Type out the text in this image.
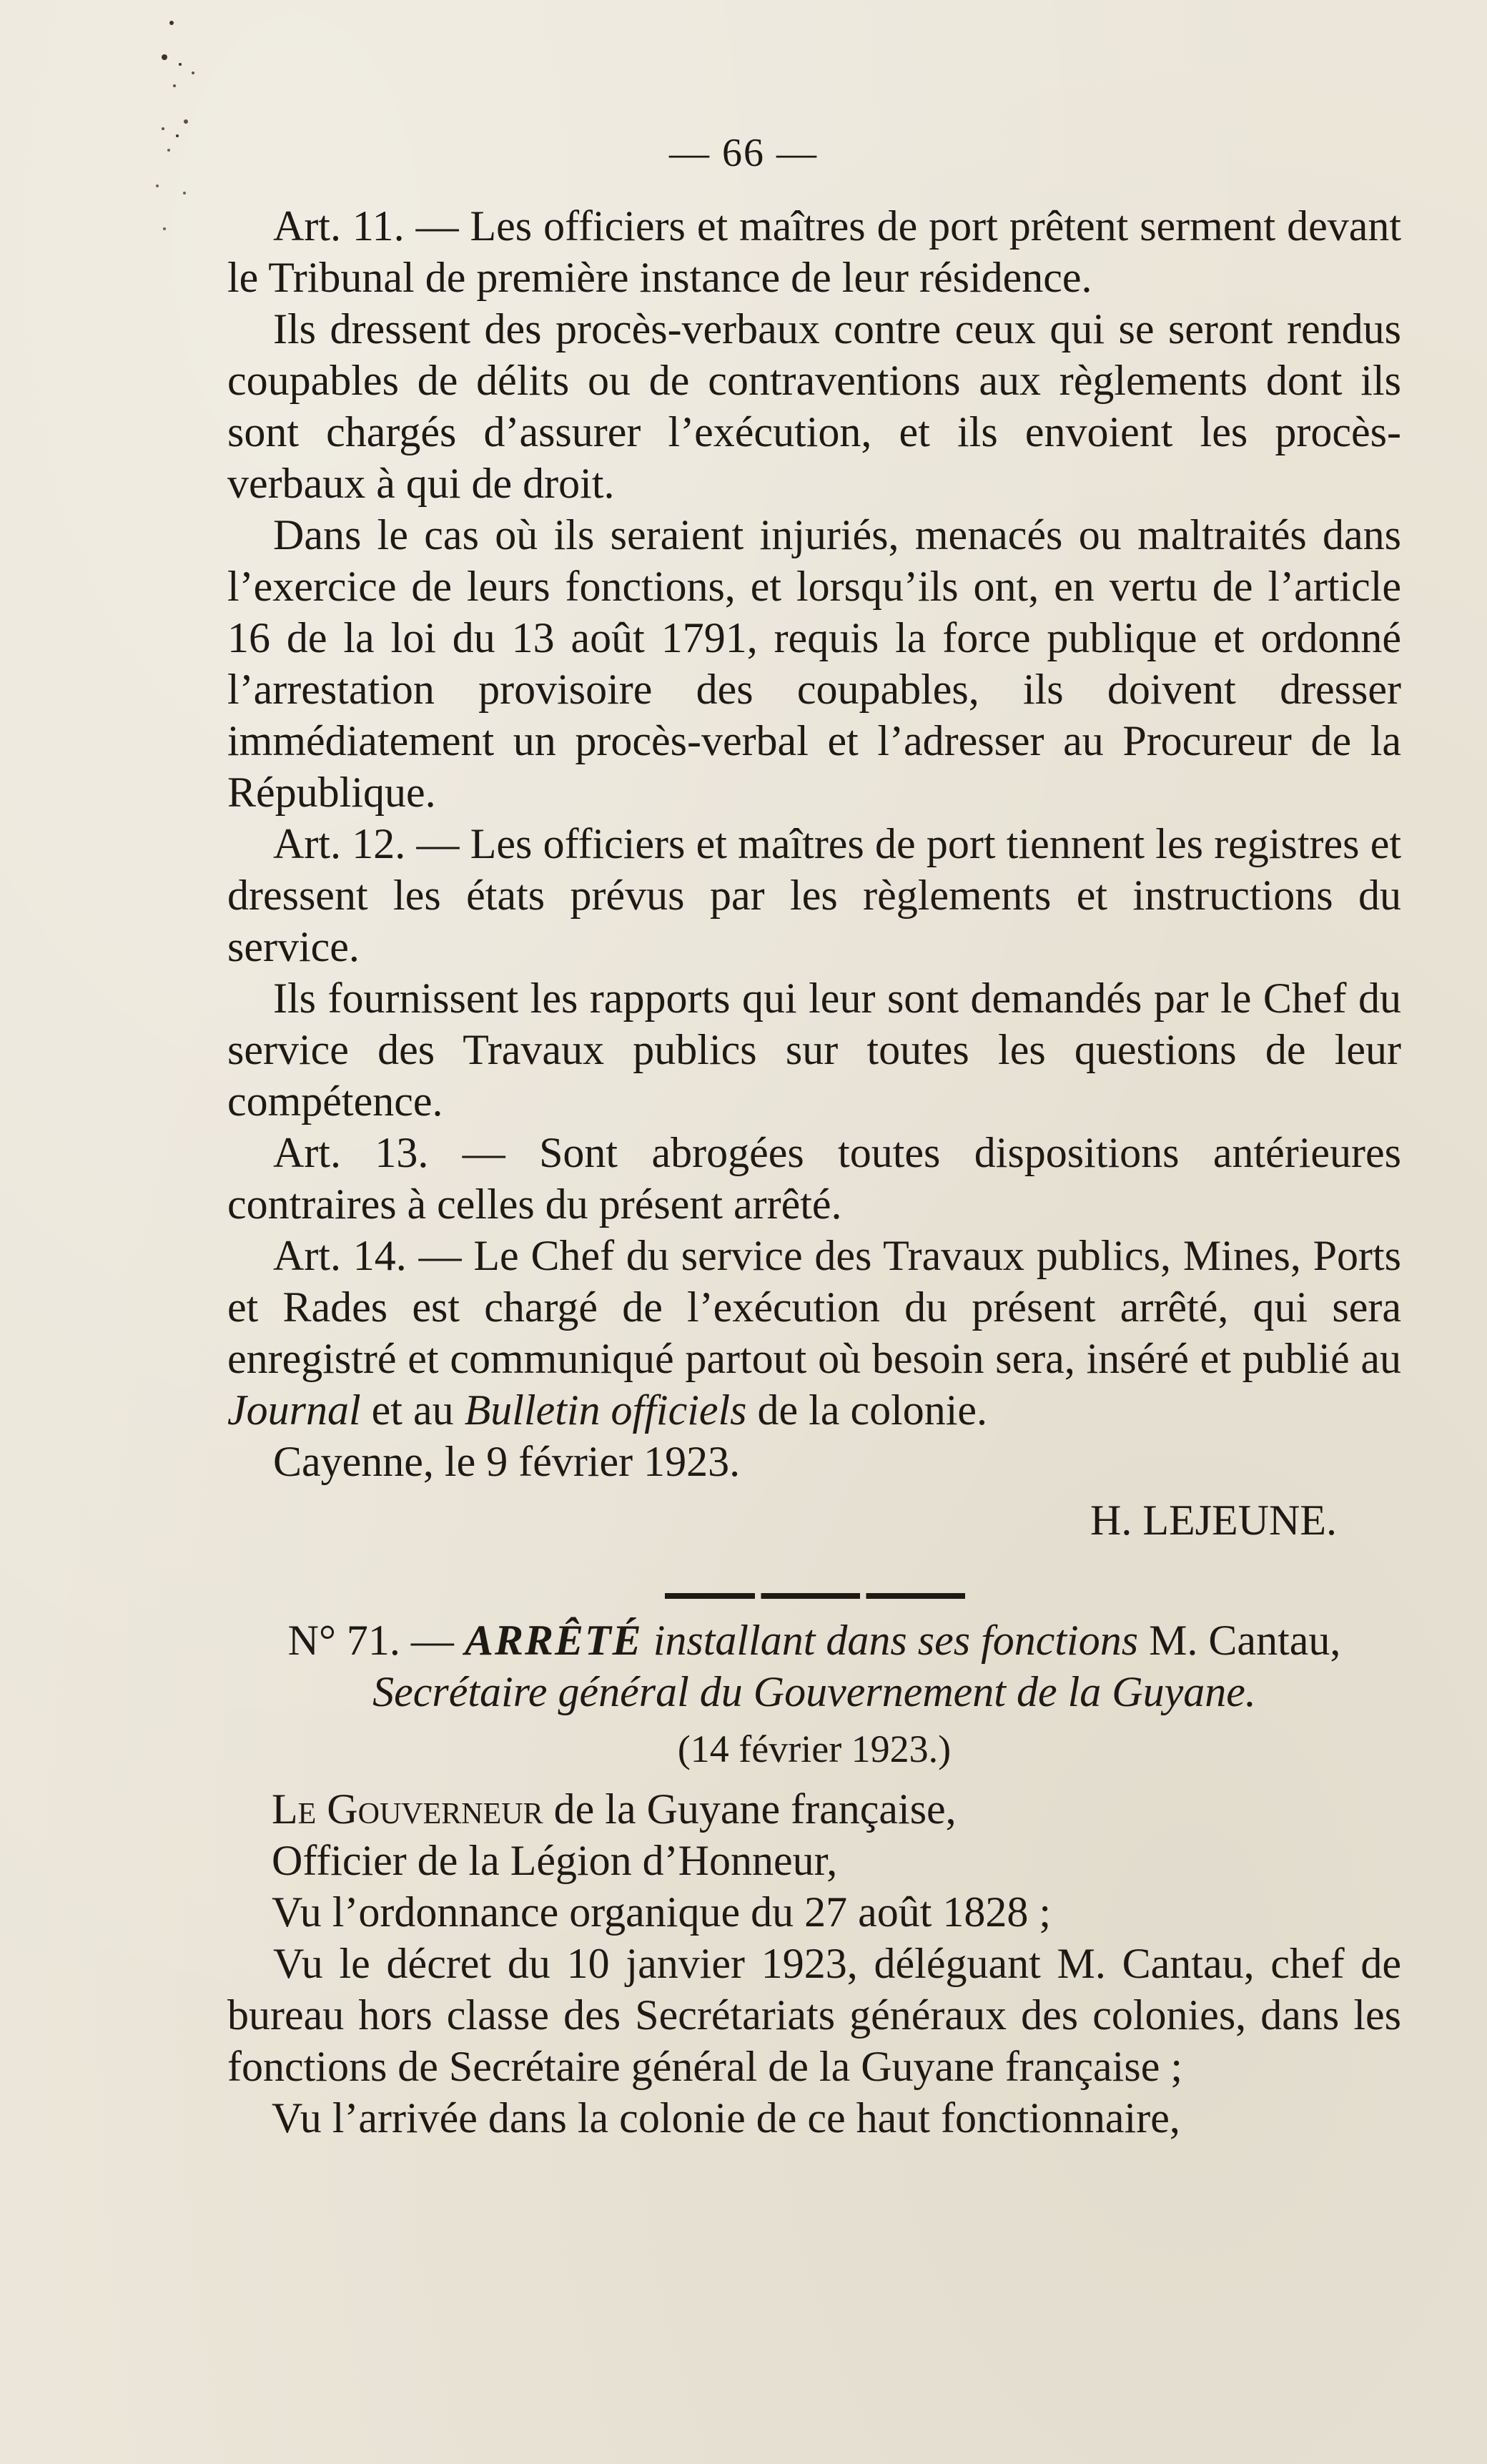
— 66 —

Art. 11. — Les officiers et maîtres de port prêtent serment devant le Tribunal de première instance de leur résidence.

Ils dressent des procès-verbaux contre ceux qui se seront rendus coupables de délits ou de contraventions aux règlements dont ils sont chargés d’assurer l’exécution, et ils envoient les procès-verbaux à qui de droit.

Dans le cas où ils seraient injuriés, menacés ou maltraités dans l’exercice de leurs fonctions, et lorsqu’ils ont, en vertu de l’article 16 de la loi du 13 août 1791, requis la force publique et ordonné l’arrestation provisoire des coupables, ils doivent dresser immédiatement un procès-verbal et l’adresser au Procureur de la République.

Art. 12. — Les officiers et maîtres de port tiennent les registres et dressent les états prévus par les règlements et instructions du service.

Ils fournissent les rapports qui leur sont demandés par le Chef du service des Travaux publics sur toutes les questions de leur compétence.

Art. 13. — Sont abrogées toutes dispositions antérieures contraires à celles du présent arrêté.

Art. 14. — Le Chef du service des Travaux publics, Mines, Ports et Rades est chargé de l’exécution du présent arrêté, qui sera enregistré et communiqué partout où besoin sera, inséré et publié au Journal et au Bulletin officiels de la colonie.

Cayenne, le 9 février 1923.

H. LEJEUNE.

N° 71. — ARRÊTÉ installant dans ses fonctions M. Cantau,
Secrétaire général du Gouvernement de la Guyane.

(14 février 1923.)

Le Gouverneur de la Guyane française,

Officier de la Légion d’Honneur,

Vu l’ordonnance organique du 27 août 1828 ;

Vu le décret du 10 janvier 1923, déléguant M. Cantau, chef de bureau hors classe des Secrétariats généraux des colonies, dans les fonctions de Secrétaire général de la Guyane française ;

Vu l’arrivée dans la colonie de ce haut fonctionnaire,
